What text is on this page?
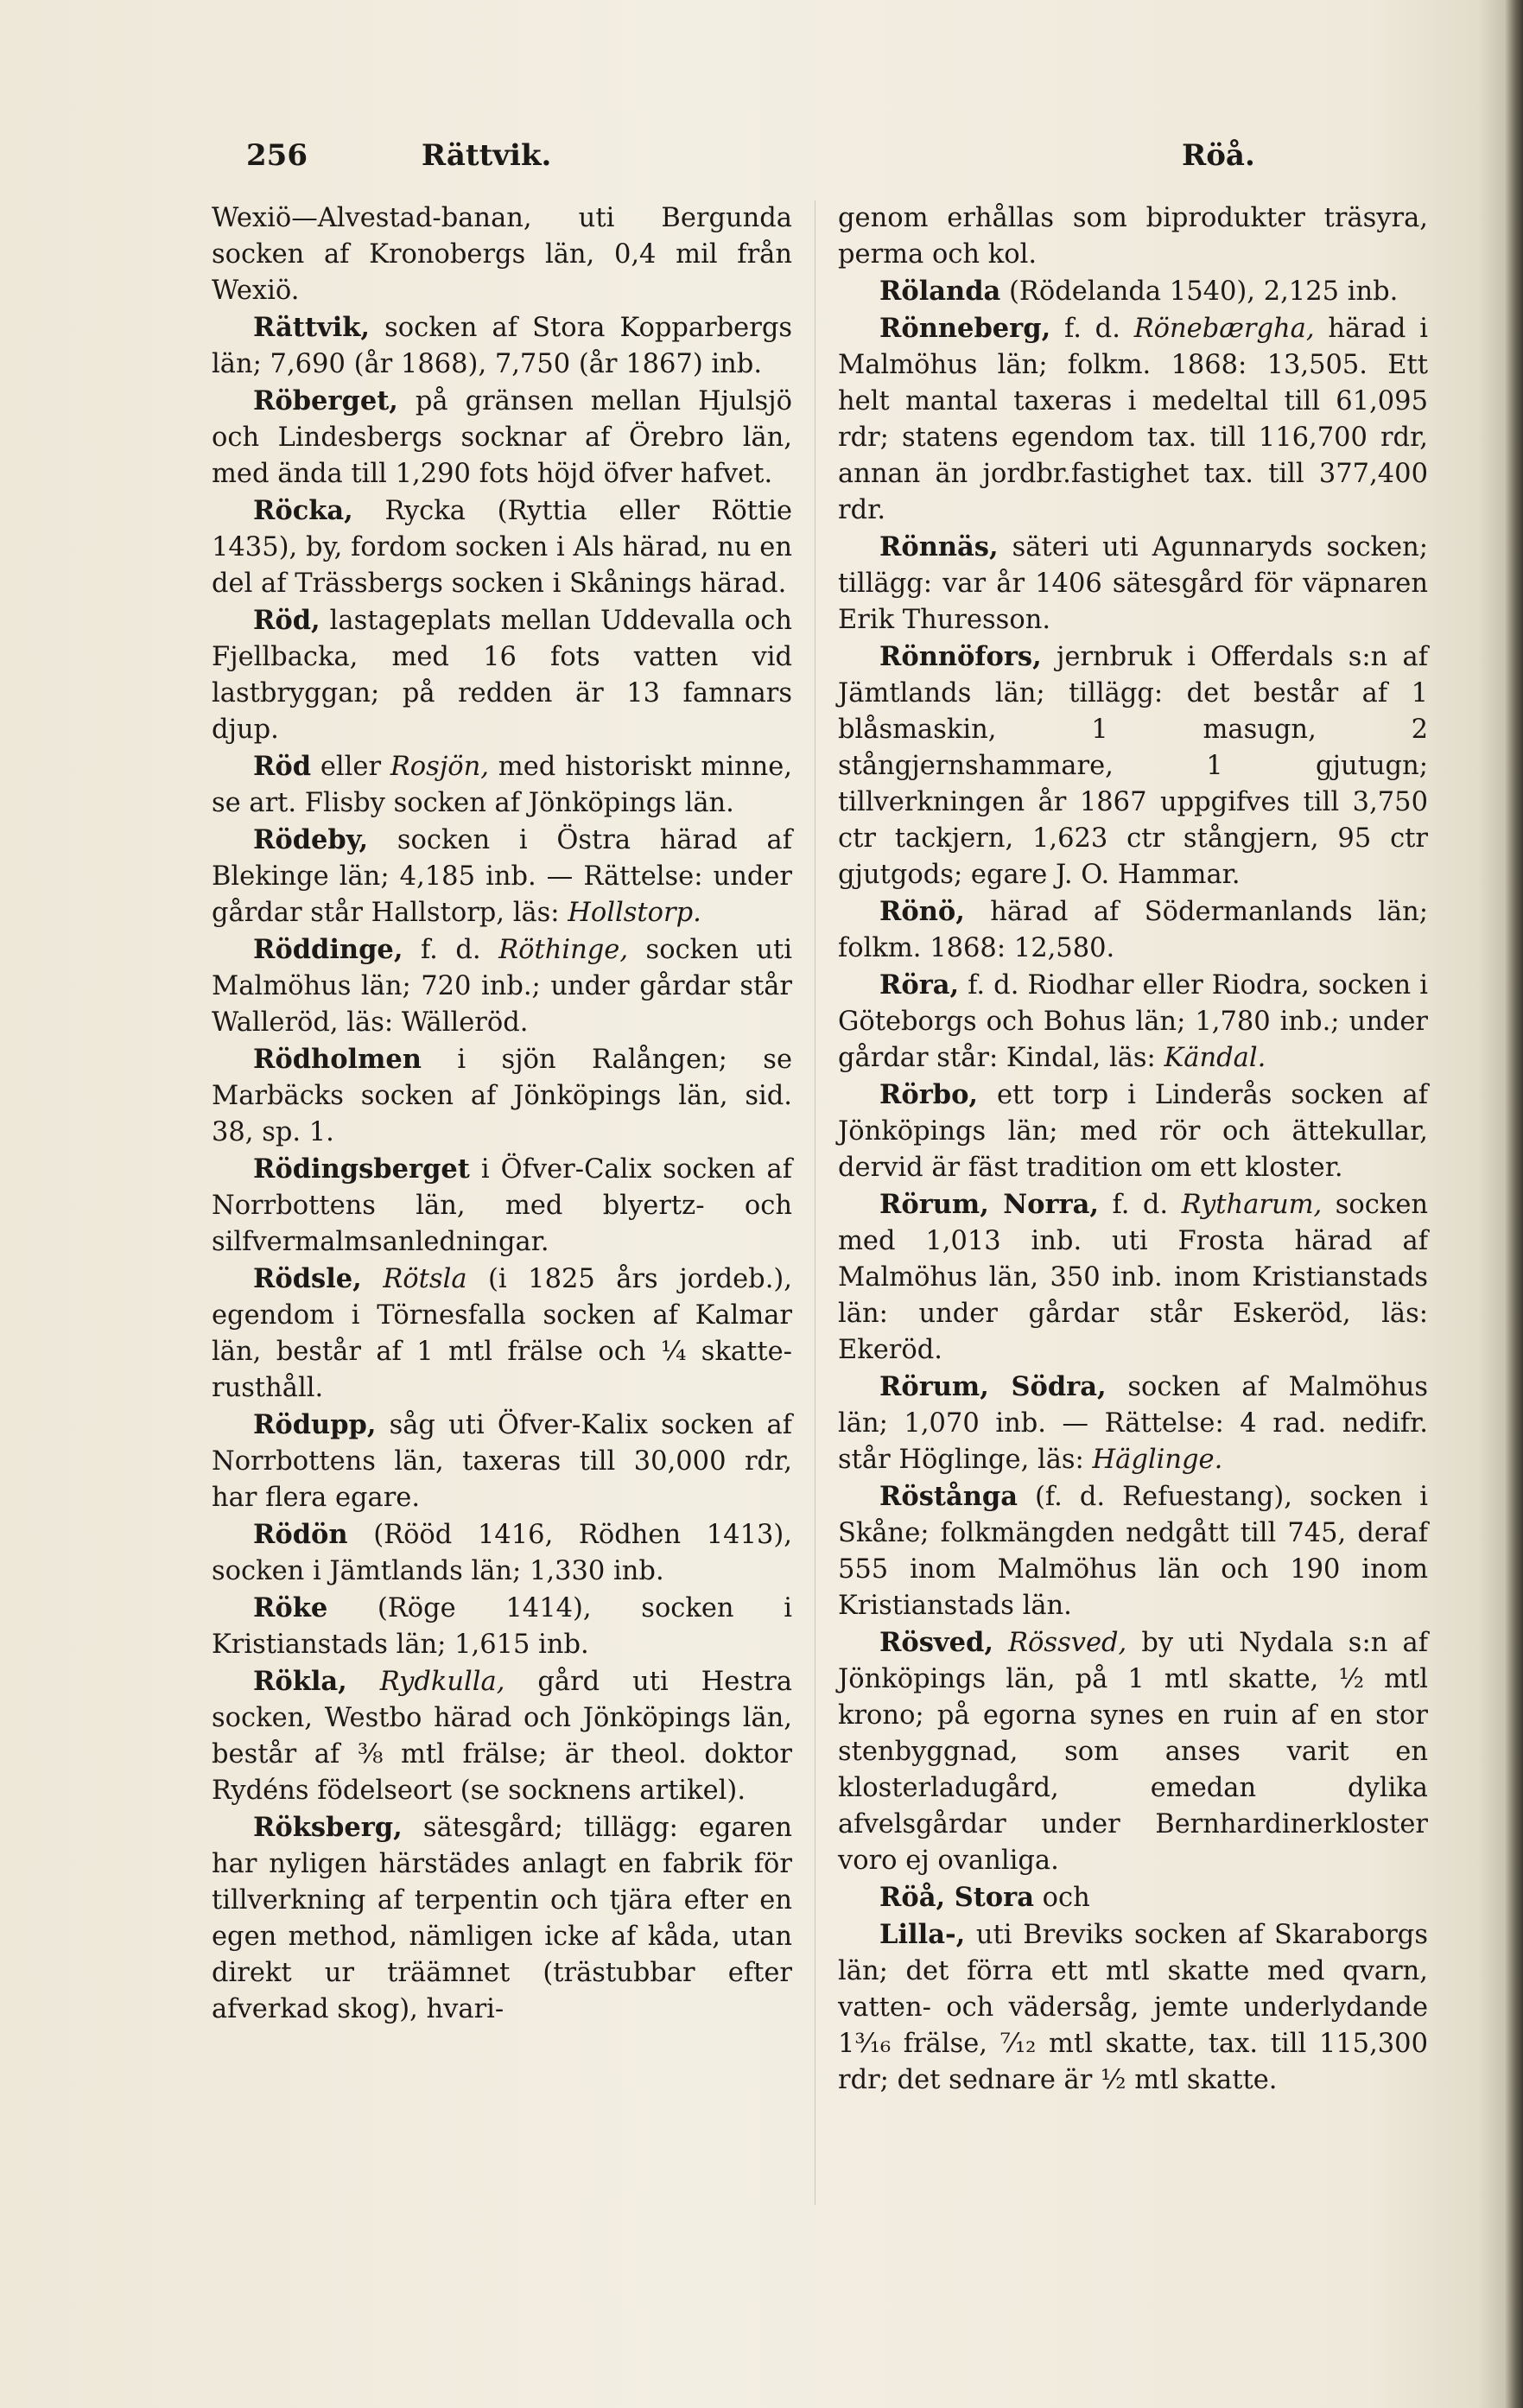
256	Rättvik.	Röå.

Wexiö—Alvestad-banan, uti Bergunda socken af Kronobergs län, 0,4 mil från Wexiö.

Rättvik, socken af Stora Kopparbergs län; 7,690 (år 1868), 7,750 (år 1867) inb.

Röberget, på gränsen mellan Hjulsjö och Lindesbergs socknar af Örebro län, med ända till 1,290 fots höjd öfver hafvet.

Röcka, Rycka (Ryttia eller Röttie 1435), by, fordom socken i Als härad, nu en del af Trässbergs socken i Skånings härad.

Röd, lastageplats mellan Uddevalla och Fjellbacka, med 16 fots vatten vid lastbryggan; på redden är 13 famnars djup.

Röd eller Rosjön, med historiskt minne, se art. Flisby socken af Jönköpings län.

Rödeby, socken i Östra härad af Blekinge län; 4,185 inb. — Rättelse: under gårdar står Hallstorp, läs: Hollstorp.

Röddinge, f. d. Röthinge, socken uti Malmöhus län; 720 inb.; under gårdar står Walleröd, läs: Wälleröd.

Rödholmen i sjön Ralången; se Marbäcks socken af Jönköpings län, sid. 38, sp. 1.

Rödingsberget i Öfver-Calix socken af Norrbottens län, med blyertz- och silfvermalmsanledningar.

Rödsle, Rötsla (i 1825 års jordeb.), egendom i Törnesfalla socken af Kalmar län, består af 1 mtl frälse och ¼ skatte-rusthåll.

Rödupp, såg uti Öfver-Kalix socken af Norrbottens län, taxeras till 30,000 rdr, har flera egare.

Rödön (Rööd 1416, Rödhen 1413), socken i Jämtlands län; 1,330 inb.

Röke (Röge 1414), socken i Kristianstads län; 1,615 inb.

Rökla, Rydkulla, gård uti Hestra socken, Westbo härad och Jönköpings län, består af ⅜ mtl frälse; är theol. doktor Rydéns födelseort (se socknens artikel).

Röksberg, sätesgård; tillägg: egaren har nyligen härstädes anlagt en fabrik för tillverkning af terpentin och tjära efter en egen method, nämligen icke af kåda, utan direkt ur träämnet (trästubbar efter afverkad skog), hvari-

genom erhållas som biprodukter träsyra, perma och kol.

Rölanda (Rödelanda 1540), 2,125 inb.

Rönneberg, f. d. Rönebærgha, härad i Malmöhus län; folkm. 1868: 13,505. Ett helt mantal taxeras i medeltal till 61,095 rdr; statens egendom tax. till 116,700 rdr, annan än jordbr.fastighet tax. till 377,400 rdr.

Rönnäs, säteri uti Agunnaryds socken; tillägg: var år 1406 sätesgård för väpnaren Erik Thuresson.

Rönnöfors, jernbruk i Offerdals s:n af Jämtlands län; tillägg: det består af 1 blåsmaskin, 1 masugn, 2 stångjernshammare, 1 gjutugn; tillverkningen år 1867 uppgifves till 3,750 ctr tackjern, 1,623 ctr stångjern, 95 ctr gjutgods; egare J. O. Hammar.

Rönö, härad af Södermanlands län; folkm. 1868: 12,580.

Röra, f. d. Riodhar eller Riodra, socken i Göteborgs och Bohus län; 1,780 inb.; under gårdar står: Kindal, läs: Kändal.

Rörbo, ett torp i Linderås socken af Jönköpings län; med rör och ättekullar, dervid är fäst tradition om ett kloster.

Rörum, Norra, f. d. Rytharum, socken med 1,013 inb. uti Frosta härad af Malmöhus län, 350 inb. inom Kristianstads län: under gårdar står Eskeröd, läs: Ekeröd.

Rörum, Södra, socken af Malmöhus län; 1,070 inb. — Rättelse: 4 rad. nedifr. står Höglinge, läs: Häglinge.

Röstånga (f. d. Refuestang), socken i Skåne; folkmängden nedgått till 745, deraf 555 inom Malmöhus län och 190 inom Kristianstads län.

Rösved, Rössved, by uti Nydala s:n af Jönköpings län, på 1 mtl skatte, ½ mtl krono; på egorna synes en ruin af en stor stenbyggnad, som anses varit en klosterladugård, emedan dylika afvelsgårdar under Bernhardinerkloster voro ej ovanliga.

Röå, Stora och

Lilla-, uti Breviks socken af Skaraborgs län; det förra ett mtl skatte med qvarn, vatten- och vädersåg, jemte underlydande 1³⁄₁₆ frälse, ⁷⁄₁₂ mtl skatte, tax. till 115,300 rdr; det sednare är ½ mtl skatte.
